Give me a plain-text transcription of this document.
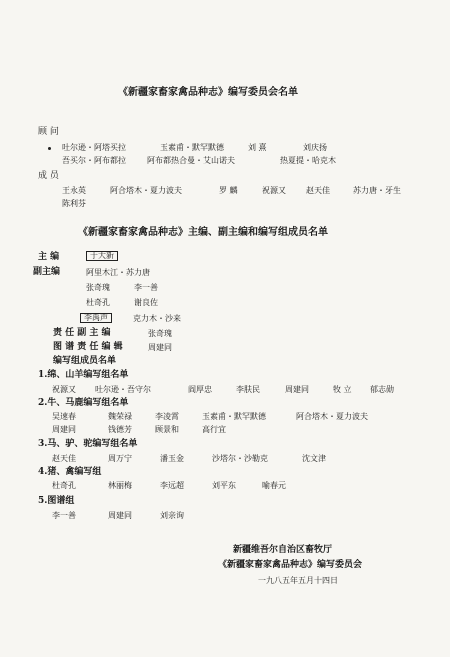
《新疆家畜家禽品种志》编写委员会名单
顾 问
吐尔逊・阿塔买拉	玉素甫・默罕默德	刘 熹	刘庆扬
吾买尔・阿布都拉	阿布都热合曼・艾山诺夫	热夏提・哈克木
成 员
王永英	阿合塔木・夏力波夫	罗 麟	祝源又	赵天佳	苏力唐・牙生
陈利芬
《新疆家畜家禽品种志》主编、副主编和编写组成员名单
主 编	于大新
副主编	阿里木江・苏力唐
张奇瑰	李一善
杜奇孔	谢良佐
李禹声	克力木・沙来
责 任 副 主 编	张奇瑰
图 谱 责 任 编 辑	周建同
编写组成员名单
1.绵、山羊编写组名单
祝源又 吐尔逊・吾守尔	阎厚忠	李肤民	周建同	牧 立 郁志勋
2.牛、马鹿编写组名单
吴速春	魏荣禄	李凌霄	玉素甫・默罕默德	阿合塔木・夏力波夫
周建同	钱德芳	顾景和	高行宜
3.马、驴、驼编写组名单
赵天佳	周万宁	潘玉金	沙塔尔・沙勒克	沈文津
4.猪、禽编写组
杜奇孔	林丽梅	李远超	刘平东	喻春元
5.图谱组
李一善	周建同	刘亲询
新疆维吾尔自治区畜牧厅
《新疆家畜家禽品种志》编写委员会
一九八五年五月十四日
